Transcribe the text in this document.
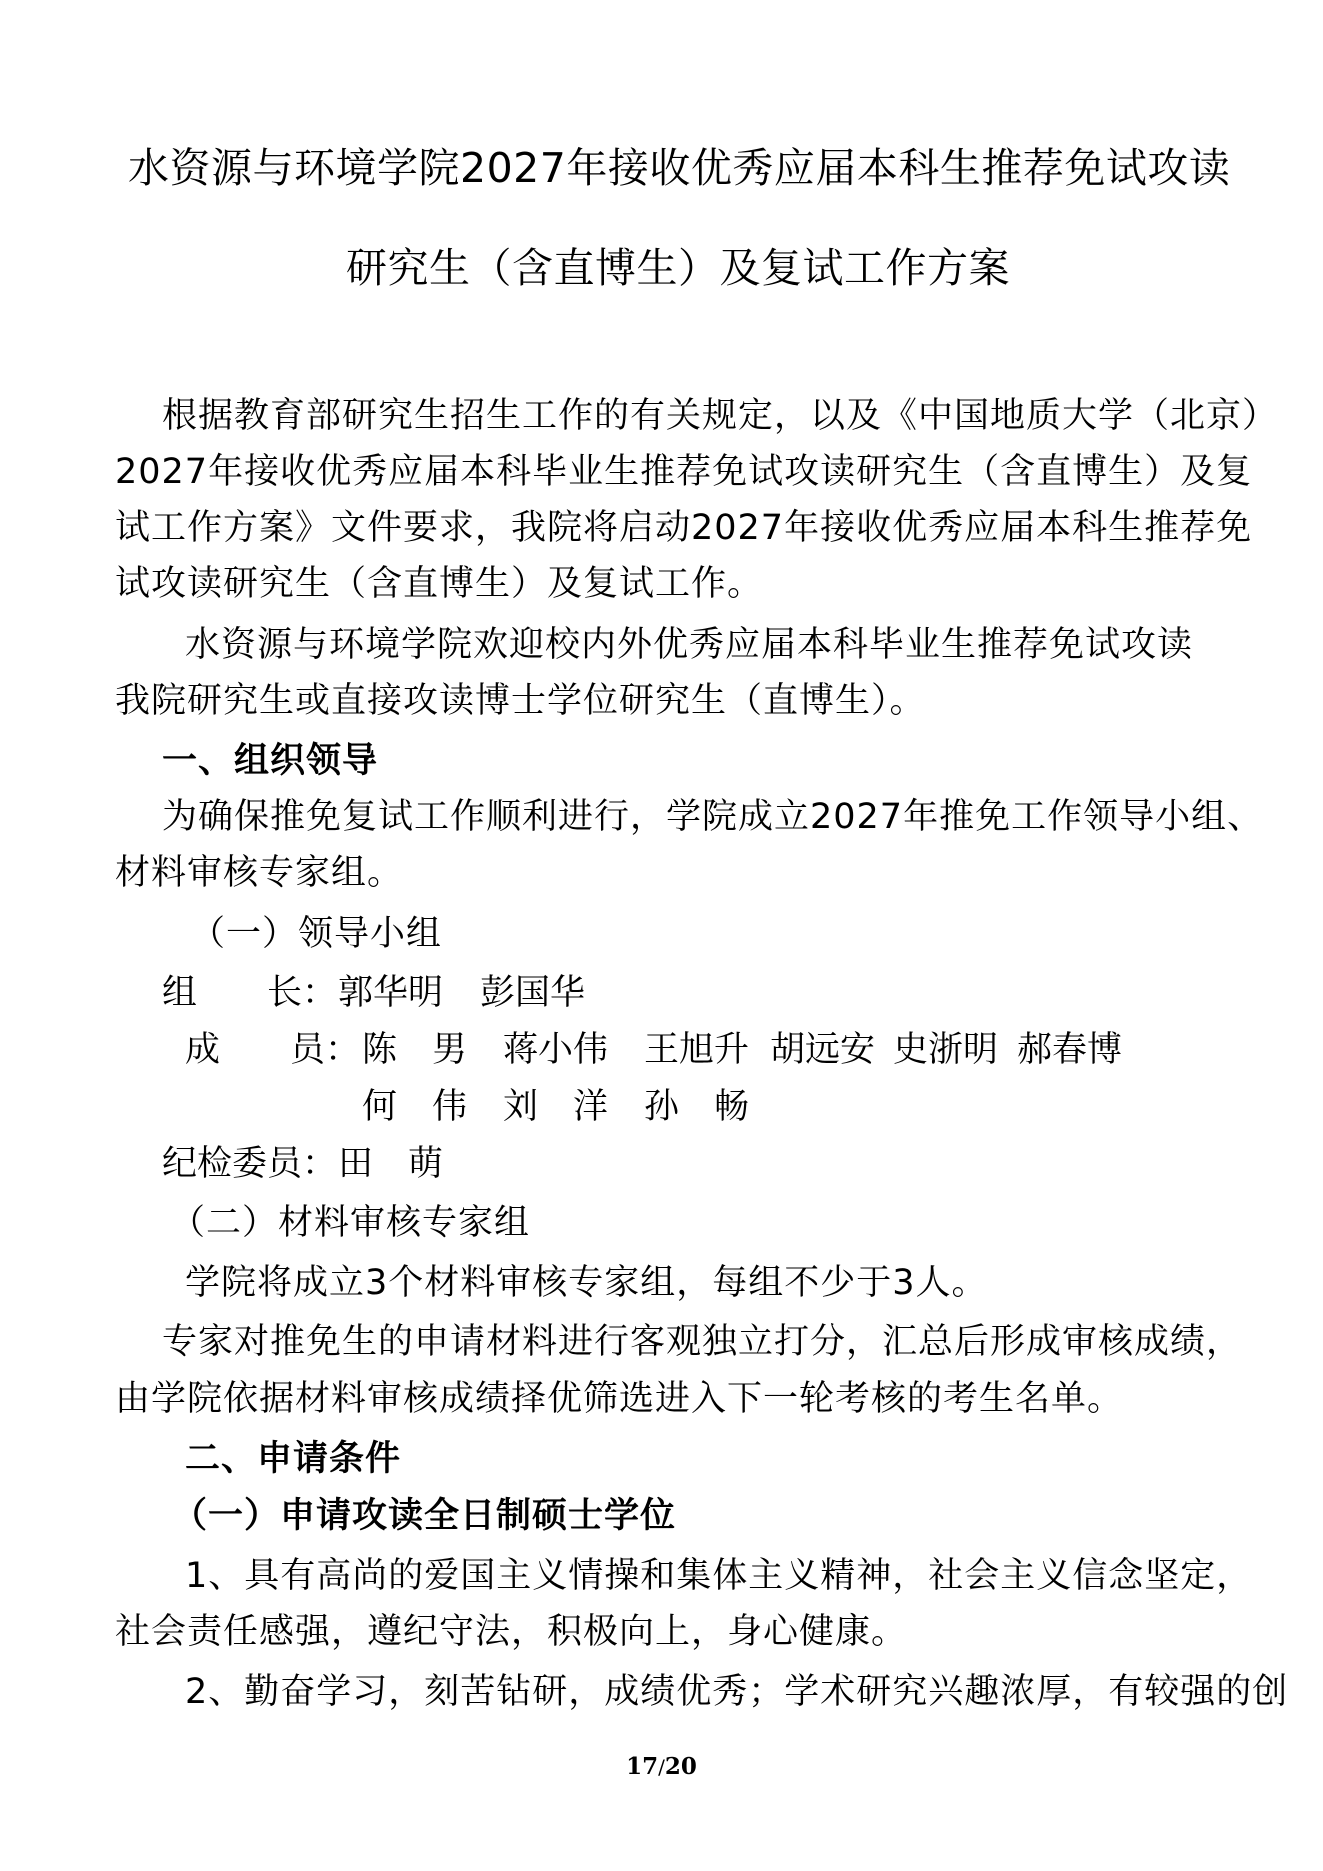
水资源与环境学院2027年接收优秀应届本科生推荐免试攻读
研究生（含直博生）及复试工作方案
根据教育部研究生招生工作的有关规定，以及《中国地质大学（北京）
2027年接收优秀应届本科毕业生推荐免试攻读研究生（含直博生）及复
试工作方案》文件要求，我院将启动2027年接收优秀应届本科生推荐免
试攻读研究生（含直博生）及复试工作。
水资源与环境学院欢迎校内外优秀应届本科毕业生推荐免试攻读
我院研究生或直接攻读博士学位研究生（直博生）。
一、组织领导
为确保推免复试工作顺利进行，学院成立2027年推免工作领导小组、
材料审核专家组。
（一）领导小组
组　　长： 郭华明 彭国华
成　　员： 陈　男 蒋小伟 王旭升 胡远安 史浙明 郝春博
何　伟 刘　洋 孙　畅
纪检委员： 田　萌
（二）材料审核专家组
学院将成立3个材料审核专家组，每组不少于3人。
专家对推免生的申请材料进行客观独立打分，汇总后形成审核成绩，
由学院依据材料审核成绩择优筛选进入下一轮考核的考生名单。
二、申请条件
（一）申请攻读全日制硕士学位
1、具有高尚的爱国主义情操和集体主义精神，社会主义信念坚定，
社会责任感强，遵纪守法，积极向上，身心健康。
2、勤奋学习，刻苦钻研，成绩优秀；学术研究兴趣浓厚，有较强的创
17/20
